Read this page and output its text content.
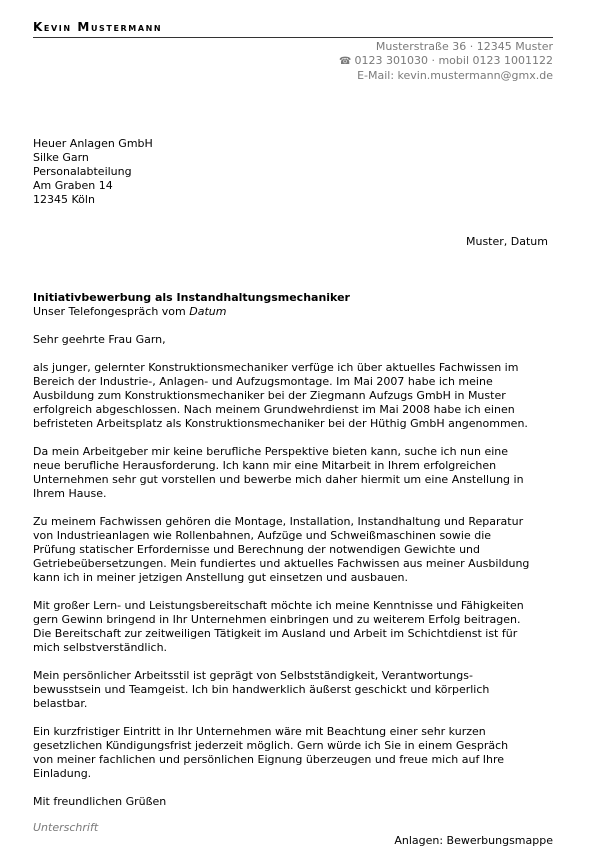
Kevin Mustermann
Musterstraße 36 · 12345 Muster
☎ 0123 301030 · mobil 0123 1001122
E-Mail: kevin.mustermann@gmx.de
Heuer Anlagen GmbH
Silke Garn
Personalabteilung
Am Graben 14
12345 Köln
Muster, Datum
Initiativbewerbung als Instandhaltungsmechaniker
Unser Telefongespräch vom Datum

Sehr geehrte Frau Garn,

als junger, gelernter Konstruktionsmechaniker verfüge ich über aktuelles Fachwissen im
Bereich der Industrie-, Anlagen- und Aufzugsmontage. Im Mai 2007 habe ich meine
Ausbildung zum Konstruktionsmechaniker bei der Ziegmann Aufzugs GmbH in Muster
erfolgreich abgeschlossen. Nach meinem Grundwehrdienst im Mai 2008 habe ich einen
befristeten Arbeitsplatz als Konstruktionsmechaniker bei der Hüthig GmbH angenommen.

Da mein Arbeitgeber mir keine berufliche Perspektive bieten kann, suche ich nun eine
neue berufliche Herausforderung. Ich kann mir eine Mitarbeit in Ihrem erfolgreichen
Unternehmen sehr gut vorstellen und bewerbe mich daher hiermit um eine Anstellung in
Ihrem Hause.

Zu meinem Fachwissen gehören die Montage, Installation, Instandhaltung und Reparatur
von Industrieanlagen wie Rollenbahnen, Aufzüge und Schweißmaschinen sowie die
Prüfung statischer Erfordernisse und Berechnung der notwendigen Gewichte und
Getriebeübersetzungen. Mein fundiertes und aktuelles Fachwissen aus meiner Ausbildung
kann ich in meiner jetzigen Anstellung gut einsetzen und ausbauen.

Mit großer Lern- und Leistungsbereitschaft möchte ich meine Kenntnisse und Fähigkeiten
gern Gewinn bringend in Ihr Unternehmen einbringen und zu weiterem Erfolg beitragen.
Die Bereitschaft zur zeitweiligen Tätigkeit im Ausland und Arbeit im Schichtdienst ist für
mich selbstverständlich.

Mein persönlicher Arbeitsstil ist geprägt von Selbstständigkeit, Verantwortungs-
bewusstsein und Teamgeist. Ich bin handwerklich äußerst geschickt und körperlich
belastbar.

Ein kurzfristiger Eintritt in Ihr Unternehmen wäre mit Beachtung einer sehr kurzen
gesetzlichen Kündigungsfrist jederzeit möglich. Gern würde ich Sie in einem Gespräch
von meiner fachlichen und persönlichen Eignung überzeugen und freue mich auf Ihre
Einladung.

Mit freundlichen Grüßen

Unterschrift
Anlagen: Bewerbungsmappe
